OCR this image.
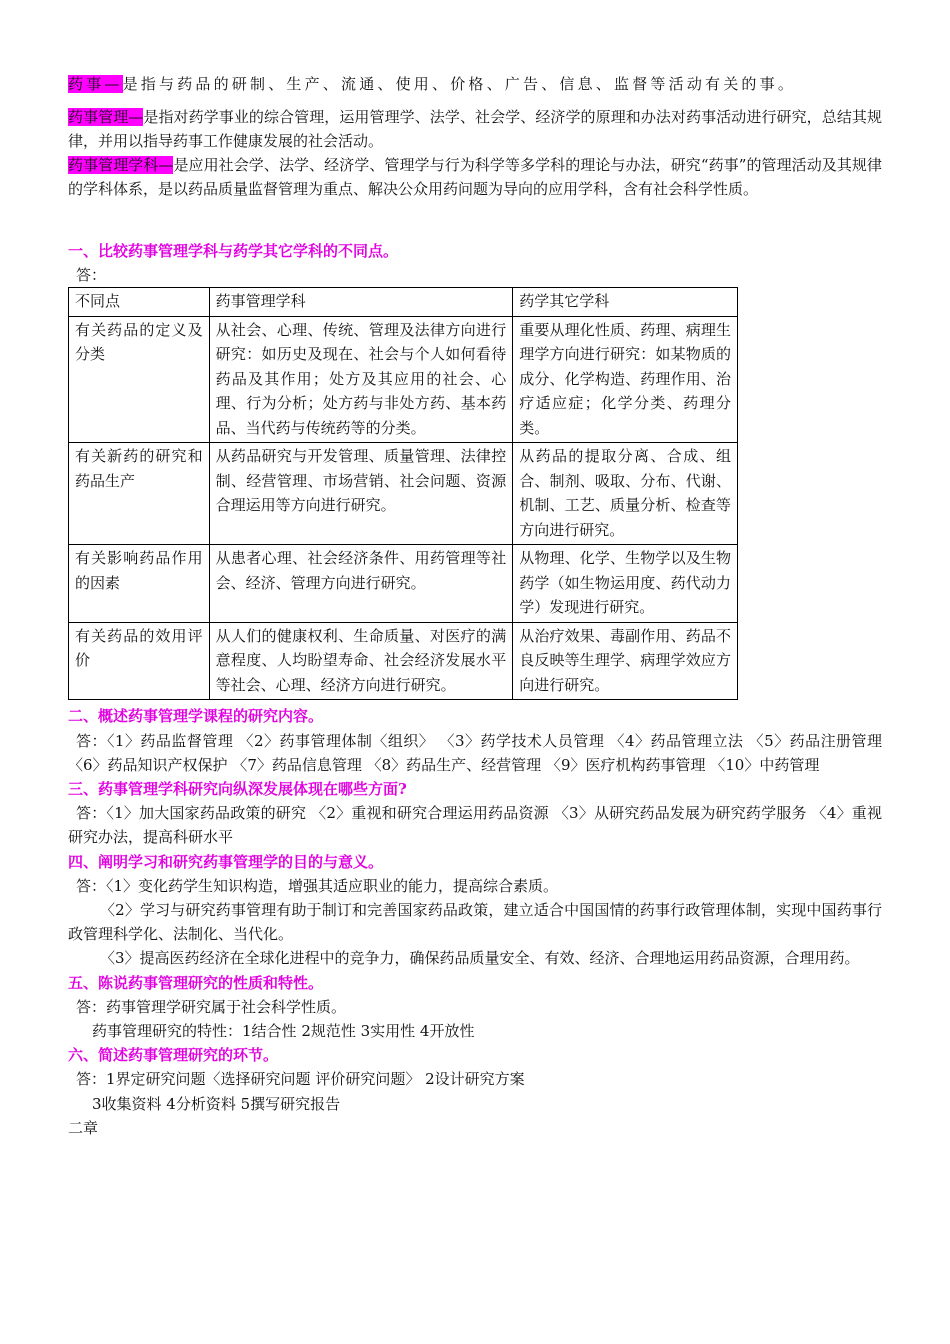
药事—是指与药品的研制、生产、流通、使用、价格、广告、信息、监督等活动有关的事。

药事管理—是指对药学事业的综合管理，运用管理学、法学、社会学、经济学的原理和办法对药事活动进行研究，总结其规律，并用以指导药事工作健康发展的社会活动。

药事管理学科—是应用社会学、法学、经济学、管理学与行为科学等多学科的理论与办法，研究“药事”的管理活动及其规律的学科体系，是以药品质量监督管理为重点、解决公众用药问题为导向的应用学科，含有社会科学性质。

一、比较药事管理学科与药学其它学科的不同点。

答：

不同点	药事管理学科	药学其它学科
有关药品的定义及分类	从社会、心理、传统、管理及法律方向进行研究：如历史及现在、社会与个人如何看待药品及其作用；处方及其应用的社会、心理、行为分析；处方药与非处方药、基本药品、当代药与传统药等的分类。	重要从理化性质、药理、病理生理学方向进行研究：如某物质的成分、化学构造、药理作用、治疗适应症；化学分类、药理分类。
有关新药的研究和药品生产	从药品研究与开发管理、质量管理、法律控制、经营管理、市场营销、社会问题、资源合理运用等方向进行研究。	从药品的提取分离、合成、组合、制剂、吸取、分布、代谢、机制、工艺、质量分析、检查等方向进行研究。
有关影响药品作用的因素	从患者心理、社会经济条件、用药管理等社会、经济、管理方向进行研究。	从物理、化学、生物学以及生物药学（如生物运用度、药代动力学）发现进行研究。
有关药品的效用评价	从人们的健康权利、生命质量、对医疗的满意程度、人均盼望寿命、社会经济发展水平等社会、心理、经济方向进行研究。	从治疗效果、毒副作用、药品不良反映等生理学、病理学效应方向进行研究。

二、概述药事管理学课程的研究内容。

答：〈1〉药品监督管理 〈2〉药事管理体制〈组织〉 〈3〉药学技术人员管理 〈4〉药品管理立法 〈5〉药品注册管理 〈6〉药品知识产权保护 〈7〉药品信息管理 〈8〉药品生产、经营管理 〈9〉医疗机构药事管理 〈10〉中药管理

三、药事管理学科研究向纵深发展体现在哪些方面?

答：〈1〉加大国家药品政策的研究 〈2〉重视和研究合理运用药品资源 〈3〉从研究药品发展为研究药学服务 〈4〉重视研究办法，提高科研水平

四、阐明学习和研究药事管理学的目的与意义。

答：〈1〉变化药学生知识构造，增强其适应职业的能力，提高综合素质。

〈2〉学习与研究药事管理有助于制订和完善国家药品政策，建立适合中国国情的药事行政管理体制，实现中国药事行政管理科学化、法制化、当代化。

〈3〉提高医药经济在全球化进程中的竞争力，确保药品质量安全、有效、经济、合理地运用药品资源，合理用药。

五、陈说药事管理研究的性质和特性。

答：药事管理学研究属于社会科学性质。

药事管理研究的特性：1结合性 2规范性 3实用性 4开放性

六、简述药事管理研究的环节。

答：1界定研究问题〈选择研究问题 评价研究问题〉 2设计研究方案

3收集资料 4分析资料 5撰写研究报告

二章
